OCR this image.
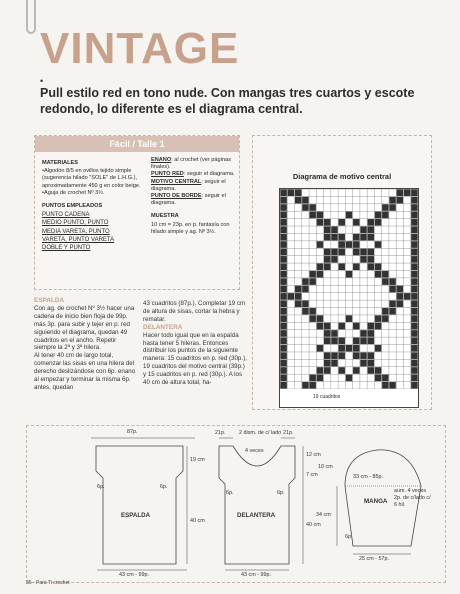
VINTAGE
•
Pull estilo red en tono nude. Con mangas tres cuartos y escote redondo, lo diferente es el diagrama central.
Fácil / Talle 1
MATERIALES
•Algodón 8/5 en ovillos tejido simple (sugerencia hilado "SOLE" de L.H.G.), aproximadamente 450 g en color beige.
•Aguja de crochet Nº 3½.
PUNTOS EMPLEADOS
PUNTO CADENA
MEDIO PUNTO, PUNTO
MEDIA VARETA, PUNTO
VARETA, PUNTO VARETA
DOBLE Y PUNTO
ENANO: al crochet (ver páginas finales).
PUNTO RED: seguir el diagrama.
MOTIVO CENTRAL: seguir el diagrama.
PUNTO DE BORDE: seguir el diagrama.
MUESTRA
10 cm = 23p. en p. fantasía con hilado simple y ag. Nº 3½.
Diagrama de motivo central
19 cuadritos
ESPALDA
Con ag. de crochet Nº 3½ hacer una cadena de inicio bien floja de 99p. más 3p. para subir y tejer en p. red siguiendo el diagrama, quedan 49 cuadritos en el ancho. Repetir siempre la 2ª y 3ª hilera.
Al tener 40 cm de largo total, comenzar las sisas en una hilera del derecho deslizándose con 6p. enano al empezar y terminar la misma 6p. antes, quedan
43 cuadritos (87p.). Completar 19 cm de altura de sisas, cortar la hebra y rematar.
DELANTERA
Hacer todo igual que en la espalda hasta tener 5 hileras. Entonces distribuir los puntos de la siguiente manera: 15 cuadritos en p. red (30p.), 19 cuadritos del motivo central (39p.) y 15 cuadritos en p. red (30p.). A los 40 cm de altura total, ha-
87p.
19 cm
40 cm
6p.	6p.
ESPALDA
43 cm - 99p.
2 dism. de c/ lado
4 veces
21p.	21p.
12 cm
7 cm
6p.	6p.
DELANTERA
40 cm
43 cm - 99p.
33 cm - 85p.
MANGA
aum. 4 veces 2p. de c/lado c/ 6 hil.
10 cm
34 cm
6p.
25 cm - 57p.
36 - Para Ti crochet
